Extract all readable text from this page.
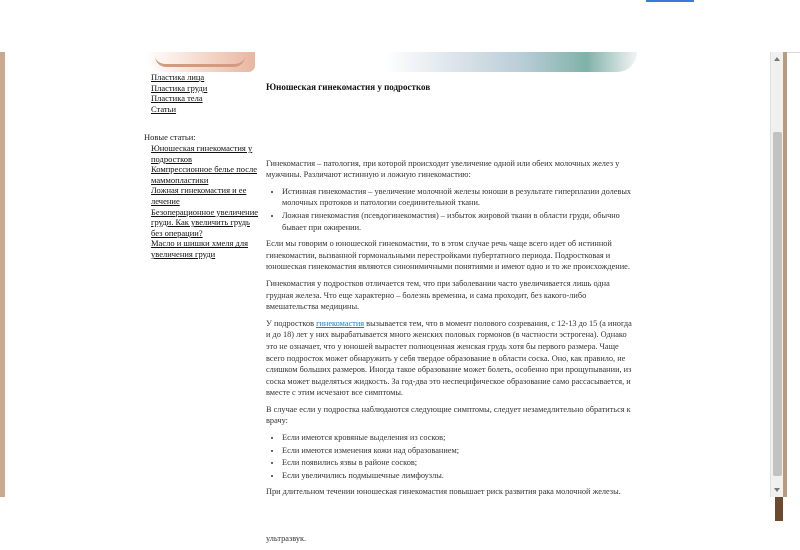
Пластика лица
Пластика груди
Пластика тела
Статьи
Новые статьи:
Юношеская гинекомастия у подростков
Компрессионное белье после маммопластики
Ложная гинекомастия и ее лечение
Безоперационное увеличение груди. Как увеличить грудь без операции?
Масло и шишки хмеля для увеличения груди
Юношеская гинекомастия у подростков

Гинекомастия – патология, при которой происходит увеличение одной или обеих молочных желез у мужчины. Различают истинную и ложную гинекомастию:

• Истинная гинекомастия – увеличение молочной железы юноши в результате гиперплазии долевых молочных протоков и патологии соединительной ткани.
• Ложная гинекомастия (псевдогинекомастия) – избыток жировой ткани в области груди, обычно бывает при ожирении.

Если мы говорим о юношеской гинекомастии, то в этом случае речь чаще всего идет об истинной гинекомастии, вызванной гормональными перестройками пубертатного периода. Подростковая и юношеская гинекомастия являются синонимичными понятиями и имеют одно и то же происхождение.

Гинекомастия у подростков отличается тем, что при заболевании часто увеличивается лишь одна грудная железа. Что еще характерно – болезнь временна, и сама проходит, без какого-либо вмешательства медицины.

У подростков гинекомастия вызывается тем, что в момент полового созревания, с 12-13 до 15 (а иногда и до 18) лет у них вырабатывается много женских половых гормонов (в частности эстрогена). Однако это не означает, что у юношей вырастет полноценная женская грудь хотя бы первого размера. Чаще всего подросток может обнаружить у себя твердое образование в области соска. Оно, как правило, не слишком больших размеров. Иногда такое образование может болеть, особенно при прощупывании, из соска может выделяться жидкость. За год-два это неспецифическое образование само рассасывается, и вместе с этим исчезают все симптомы.

В случае если у подростка наблюдаются следующие симптомы, следует незамедлительно обратиться к врачу:

• Если имеются кровяные выделения из сосков;
• Если имеются изменения кожи над образованием;
• Если появились язвы в районе сосков;
• Если увеличились подмышечные лимфоузлы.

При длительном течении юношеская гинекомастия повышает риск развития рака молочной железы.

ультразвук.
